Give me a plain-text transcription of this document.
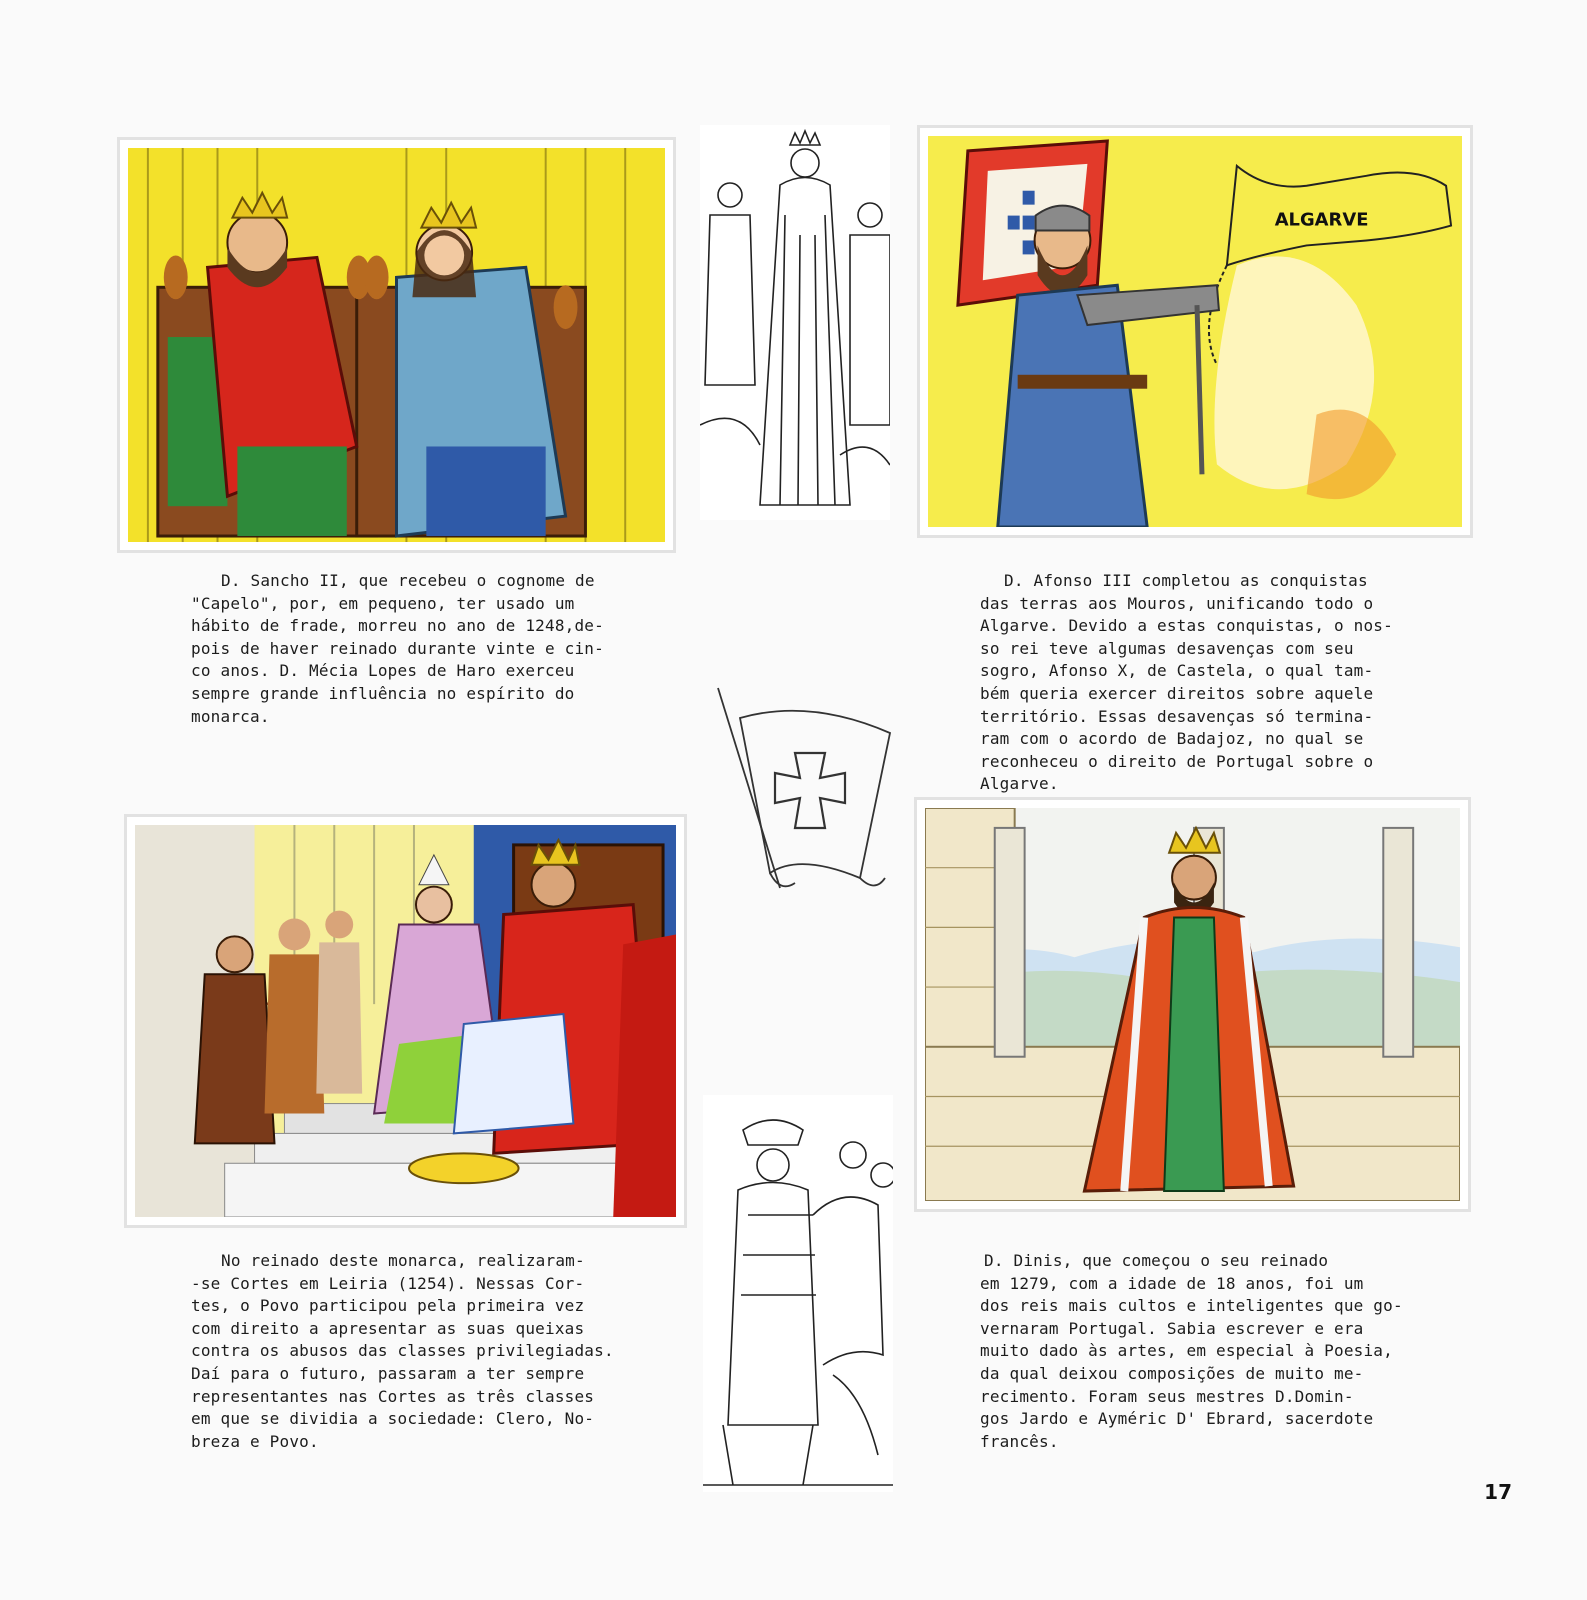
ALGARVE
D. Sancho II, que recebeu o cognome de
"Capelo", por, em pequeno, ter usado um
hábito de frade, morreu no ano de 1248,de-
pois de haver reinado durante vinte e cin-
co anos. D. Mécia Lopes de Haro exerceu
sempre grande influência no espírito do
monarca.
D. Afonso III completou as conquistas
das terras aos Mouros, unificando todo o
Algarve. Devido a estas conquistas, o nos-
so rei teve algumas desavenças com seu
sogro, Afonso X, de Castela, o qual tam-
bém queria exercer direitos sobre aquele
território. Essas desavenças só termina-
ram com o acordo de Badajoz, no qual se
reconheceu o direito de Portugal sobre o
Algarve.
No reinado deste monarca, realizaram-
-se Cortes em Leiria (1254). Nessas Cor-
tes, o Povo participou pela primeira vez
com direito a apresentar as suas queixas
contra os abusos das classes privilegiadas.
Daí para o futuro, passaram a ter sempre
representantes nas Cortes as três classes
em que se dividia a sociedade: Clero, No-
breza e Povo.
D. Dinis, que começou o seu reinado
em 1279, com a idade de 18 anos, foi um
dos reis mais cultos e inteligentes que go-
vernaram Portugal. Sabia escrever e era
muito dado às artes, em especial à Poesia,
da qual deixou composições de muito me-
recimento. Foram seus mestres D.Domin-
gos Jardo e Ayméric D' Ebrard, sacerdote
francês.
17
